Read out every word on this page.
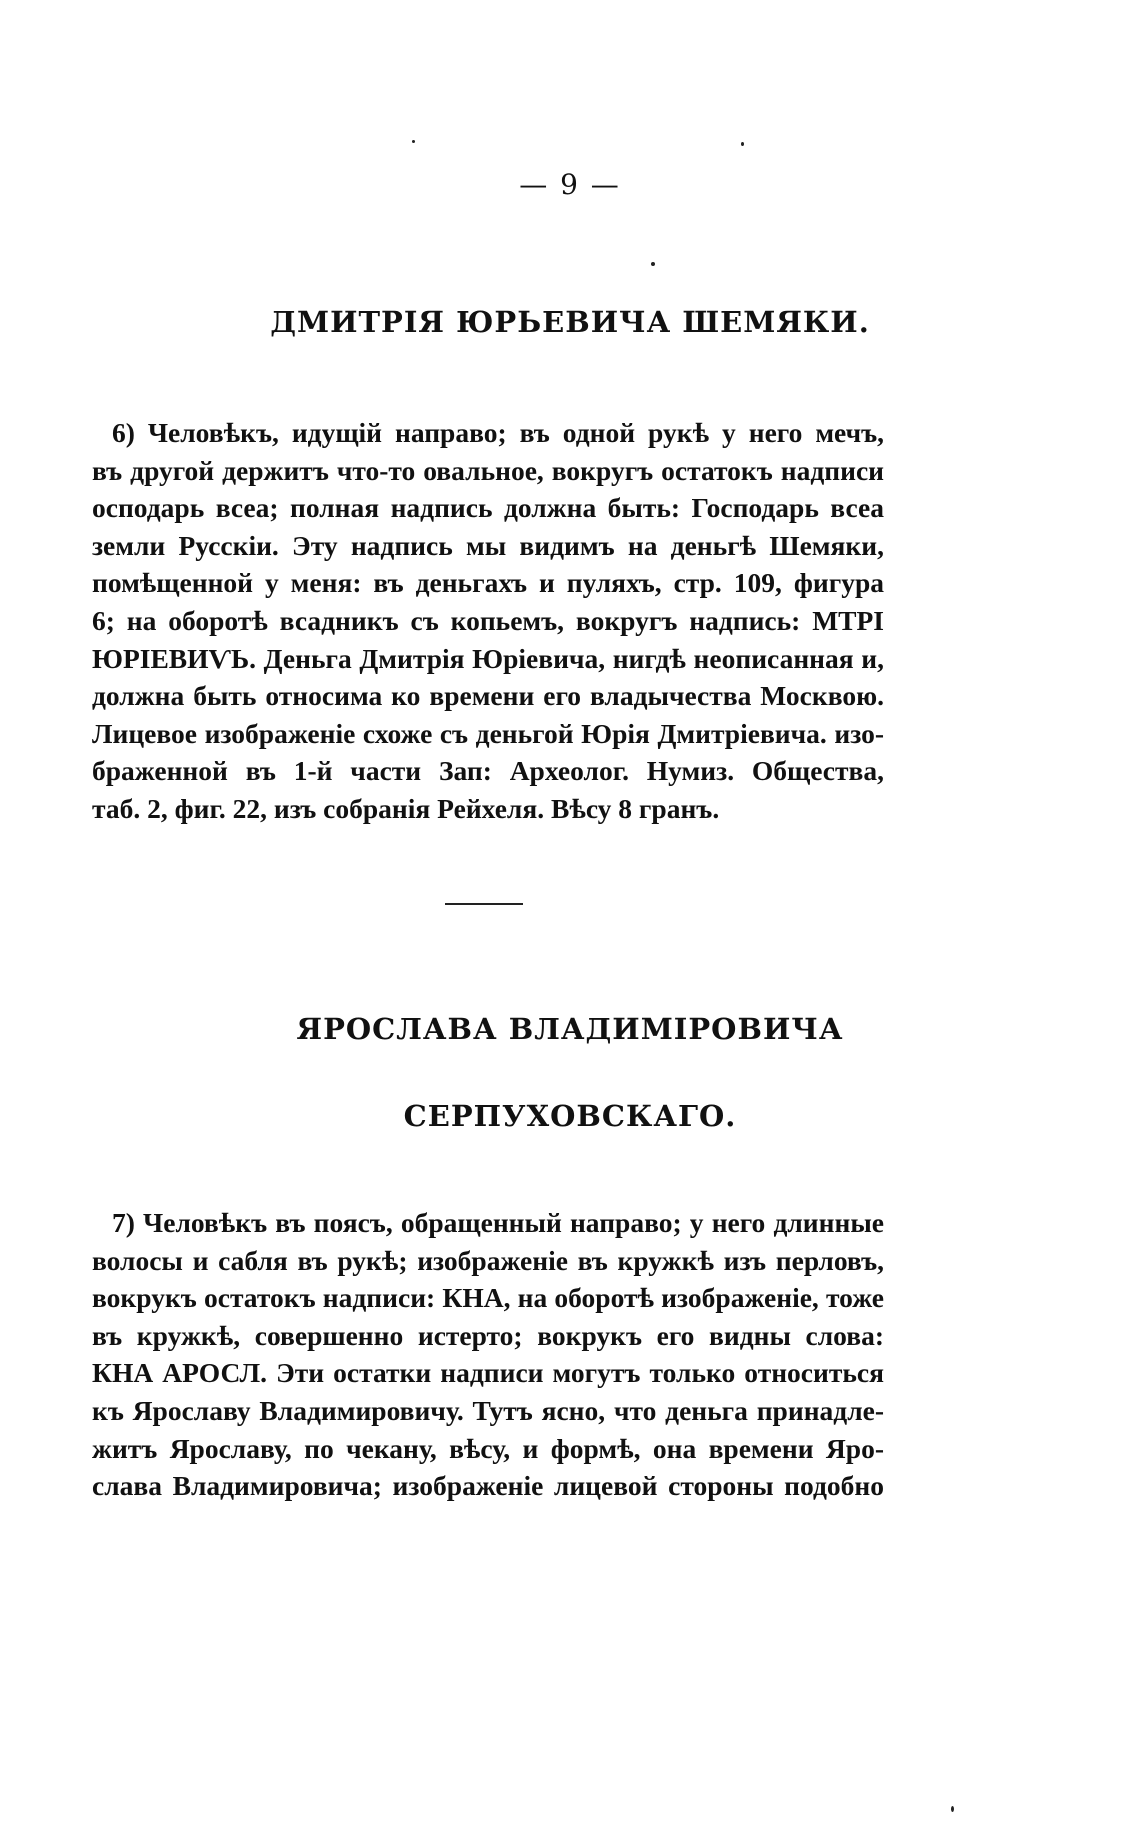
— 9 —
ДМИТРІЯ ЮРЬЕВИЧА ШЕМЯКИ.
6) Человѣкъ, идущій направо; въ одной рукѣ у него мечъ,
въ другой держитъ что-то овальное, вокругъ остатокъ надписи
осподарь всеа; полная надпись должна быть: Господарь всеа
земли Русскіи. Эту надпись мы видимъ на деньгѣ Шемяки,
помѣщенной у меня: въ деньгахъ и пуляхъ, стр. 109, фигура
6; на оборотѣ всадникъ съ копьемъ, вокругъ надпись: МТРІ
ЮРІЕВИѴЬ. Деньга Дмитрія Юріевича, нигдѣ неописанная и,
должна быть относима ко времени его владычества Москвою.
Лицевое изображеніе схоже съ деньгой Юрія Дмитріевича. изо-
браженной въ 1-й части Зап: Археолог. Нумиз. Общества,
таб. 2, фиг. 22, изъ собранія Рейхеля. Вѣсу 8 гранъ.
ЯРОСЛАВА ВЛАДИМІРОВИЧА
СЕРПУХОВСКАГО.
7) Человѣкъ въ поясъ, обращенный направо; у него длинные
волосы и сабля въ рукѣ; изображеніе въ кружкѣ изъ перловъ,
вокрукъ остатокъ надписи: КНА, на оборотѣ изображеніе, тоже
въ кружкѣ, совершенно истерто; вокрукъ его видны слова:
КНА АРОСЛ. Эти остатки надписи могутъ только относиться
къ Ярославу Владимировичу. Тутъ ясно, что деньга принадле-
житъ Ярославу, по чекану, вѣсу, и формѣ, она времени Яро-
слава Владимировича; изображеніе лицевой стороны подобно
